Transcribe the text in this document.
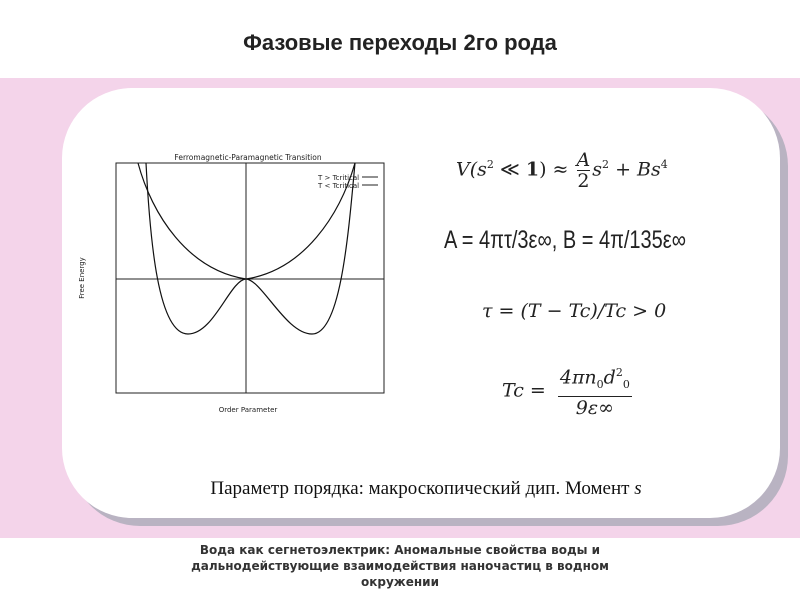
Фазовые переходы 2го рода
Ferromagnetic-Paramagnetic Transition
Free Energy
Order Parameter
T > Tcritical
T < Tcritical
$V(s^2$ ≪ $1) \approx \frac{A}{2} s^2 + Bs^4$
A = 4πτ/3ε∞, B = 4π/135ε∞
τ = (T − Tc)/Tc > 0
$Tc = \frac{4\pi n_0d^2_0}{9\varepsilon\infty}$
Параметр порядка: макроскопический дип. Момент s
Вода как сегнетоэлектрик: Аномальные свойства воды и
дальнодействующие взаимодействия наночастиц в водном
окружении
